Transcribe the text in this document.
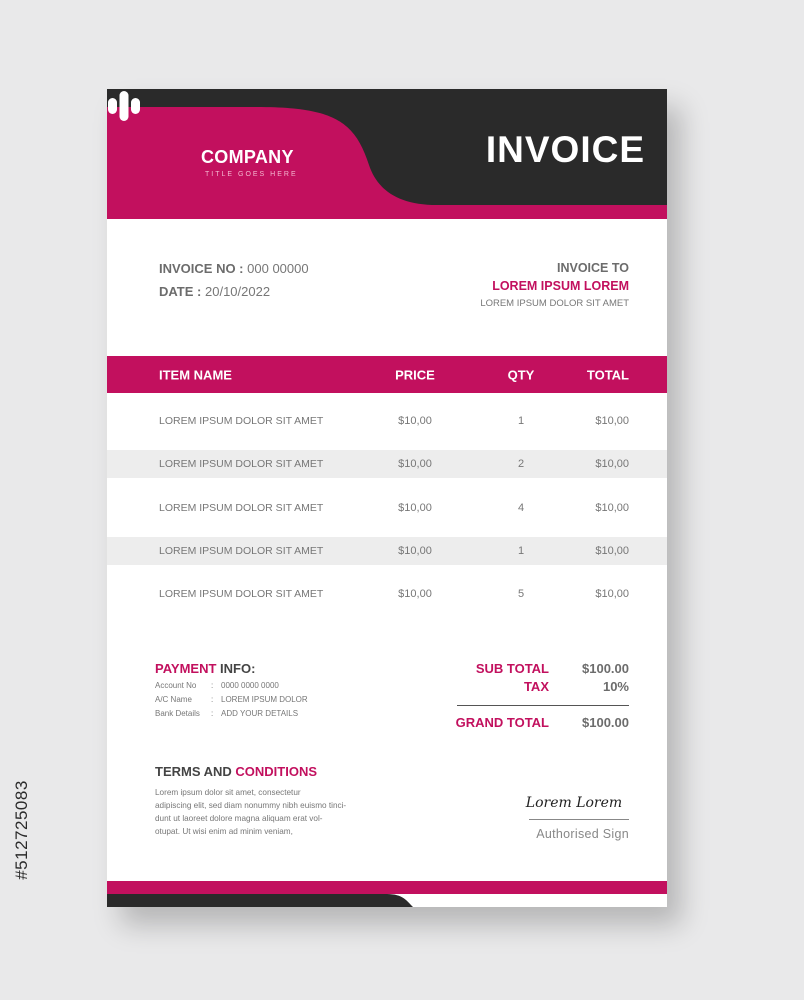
#512725083
COMPANY
TITLE GOES HERE
INVOICE
INVOICE NO : 000 00000
DATE : 20/10/2022
INVOICE TO
LOREM IPSUM LOREM
LOREM IPSUM DOLOR SIT AMET
ITEM NAME	PRICE	QTY	TOTAL
LOREM IPSUM DOLOR SIT AMET	$10,00	1	$10,00
LOREM IPSUM DOLOR SIT AMET	$10,00	2	$10,00
LOREM IPSUM DOLOR SIT AMET	$10,00	4	$10,00
LOREM IPSUM DOLOR SIT AMET	$10,00	1	$10,00
LOREM IPSUM DOLOR SIT AMET	$10,00	5	$10,00
PAYMENT INFO:
Account No : 0000 0000 0000
A/C Name : LOREM IPSUM DOLOR
Bank Details : ADD YOUR DETAILS
SUB TOTAL	$100.00
TAX	10%
GRAND TOTAL	$100.00
TERMS AND CONDITIONS
Lorem ipsum dolor sit amet, consectetur
adipiscing elit, sed diam nonummy nibh euismo tinci-
dunt ut laoreet dolore magna aliquam erat vol-
otupat. Ut wisi enim ad minim veniam,
Lorem Lorem
Authorised Sign
